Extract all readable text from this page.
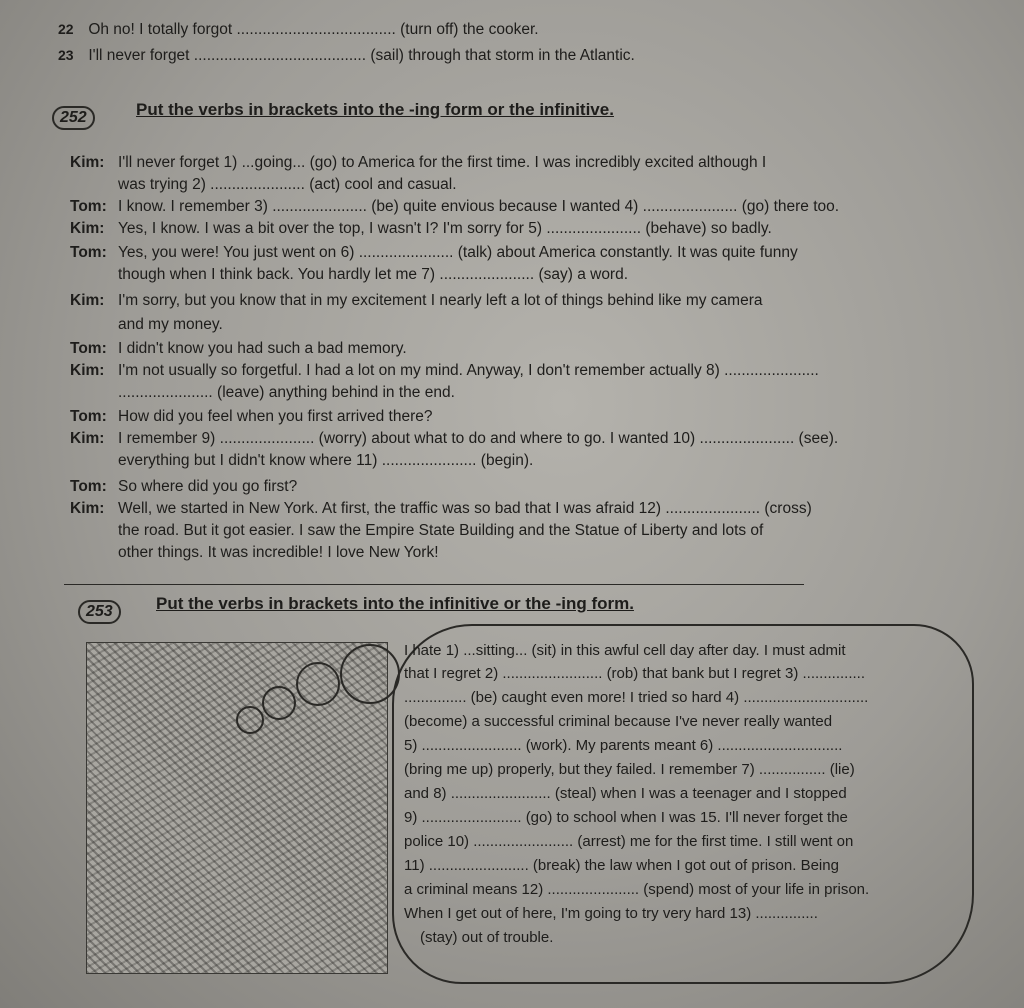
22 Oh no! I totally forgot ..................................... (turn off) the cooker.
23 I'll never forget ........................................ (sail) through that storm in the Atlantic.
252	Put the verbs in brackets into the -ing form or the infinitive.
Kim: I'll never forget 1) ...going... (go) to America for the first time. I was incredibly excited although I
was trying 2) ...................... (act) cool and casual.
Tom: I know. I remember 3) ...................... (be) quite envious because I wanted 4) ...................... (go) there too.
Kim: Yes, I know. I was a bit over the top, I wasn't I? I'm sorry for 5) ...................... (behave) so badly.
Tom: Yes, you were! You just went on 6) ...................... (talk) about America constantly. It was quite funny
though when I think back. You hardly let me 7) ...................... (say) a word.
Kim: I'm sorry, but you know that in my excitement I nearly left a lot of things behind like my camera
and my money.
Tom: I didn't know you had such a bad memory.
Kim: I'm not usually so forgetful. I had a lot on my mind. Anyway, I don't remember actually 8) ......................
...................... (leave) anything behind in the end.
Tom: How did you feel when you first arrived there?
Kim: I remember 9) ...................... (worry) about what to do and where to go. I wanted 10) ...................... (see).
everything but I didn't know where 11) ...................... (begin).
Tom: So where did you go first?
Kim: Well, we started in New York. At first, the traffic was so bad that I was afraid 12) ...................... (cross)
the road. But it got easier. I saw the Empire State Building and the Statue of Liberty and lots of
other things. It was incredible! I love New York!
253	Put the verbs in brackets into the infinitive or the -ing form.
I hate 1) ...sitting... (sit) in this awful cell day after day. I must admit
that I regret 2) ........................ (rob) that bank but I regret 3) ...............
............... (be) caught even more! I tried so hard 4) ..............................
(become) a successful criminal because I've never really wanted
5) ........................ (work). My parents meant 6) ..............................
(bring me up) properly, but they failed. I remember 7) ................ (lie)
and 8) ........................ (steal) when I was a teenager and I stopped
9) ........................ (go) to school when I was 15. I'll never forget the
police 10) ........................ (arrest) me for the first time. I still went on
11) ........................ (break) the law when I got out of prison. Being
a criminal means 12) ...................... (spend) most of your life in prison.
When I get out of here, I'm going to try very hard 13) ...............
(stay) out of trouble.
